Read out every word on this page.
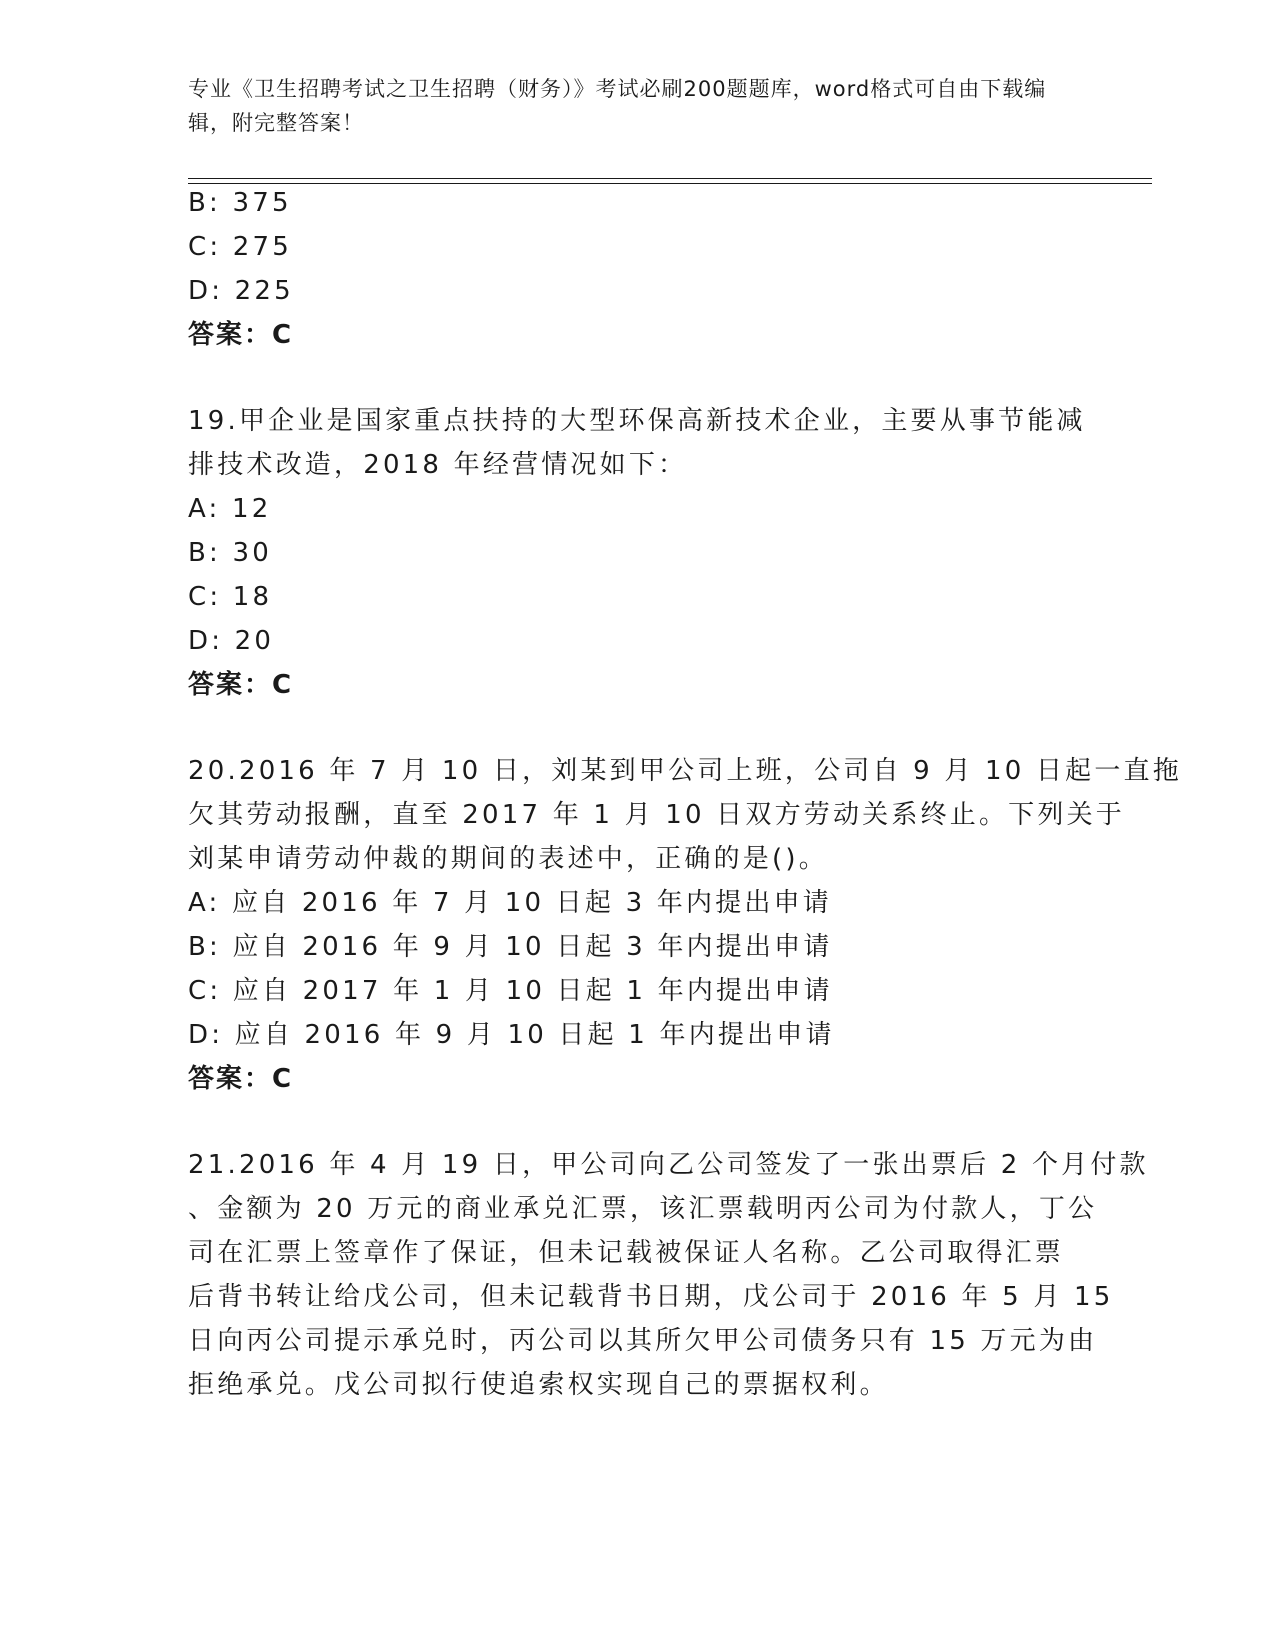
专业《卫生招聘考试之卫生招聘（财务）》考试必刷200题题库，word格式可自由下载编辑，附完整答案！
B: 375
C: 275
D: 225
答案：C
19.甲企业是国家重点扶持的大型环保高新技术企业，主要从事节能减
排技术改造，2018 年经营情况如下：
A: 12
B: 30
C: 18
D: 20
答案：C
20.2016 年 7 月 10 日，刘某到甲公司上班，公司自 9 月 10 日起一直拖
欠其劳动报酬，直至 2017 年 1 月 10 日双方劳动关系终止。下列关于
刘某申请劳动仲裁的期间的表述中，正确的是()。
A: 应自 2016 年 7 月 10 日起 3 年内提出申请
B: 应自 2016 年 9 月 10 日起 3 年内提出申请
C: 应自 2017 年 1 月 10 日起 1 年内提出申请
D: 应自 2016 年 9 月 10 日起 1 年内提出申请
答案：C
21.2016 年 4 月 19 日，甲公司向乙公司签发了一张出票后 2 个月付款
、金额为 20 万元的商业承兑汇票，该汇票载明丙公司为付款人，丁公
司在汇票上签章作了保证，但未记载被保证人名称。乙公司取得汇票
后背书转让给戊公司，但未记载背书日期，戊公司于 2016 年 5 月 15
日向丙公司提示承兑时，丙公司以其所欠甲公司债务只有 15 万元为由
拒绝承兑。戊公司拟行使追索权实现自己的票据权利。
